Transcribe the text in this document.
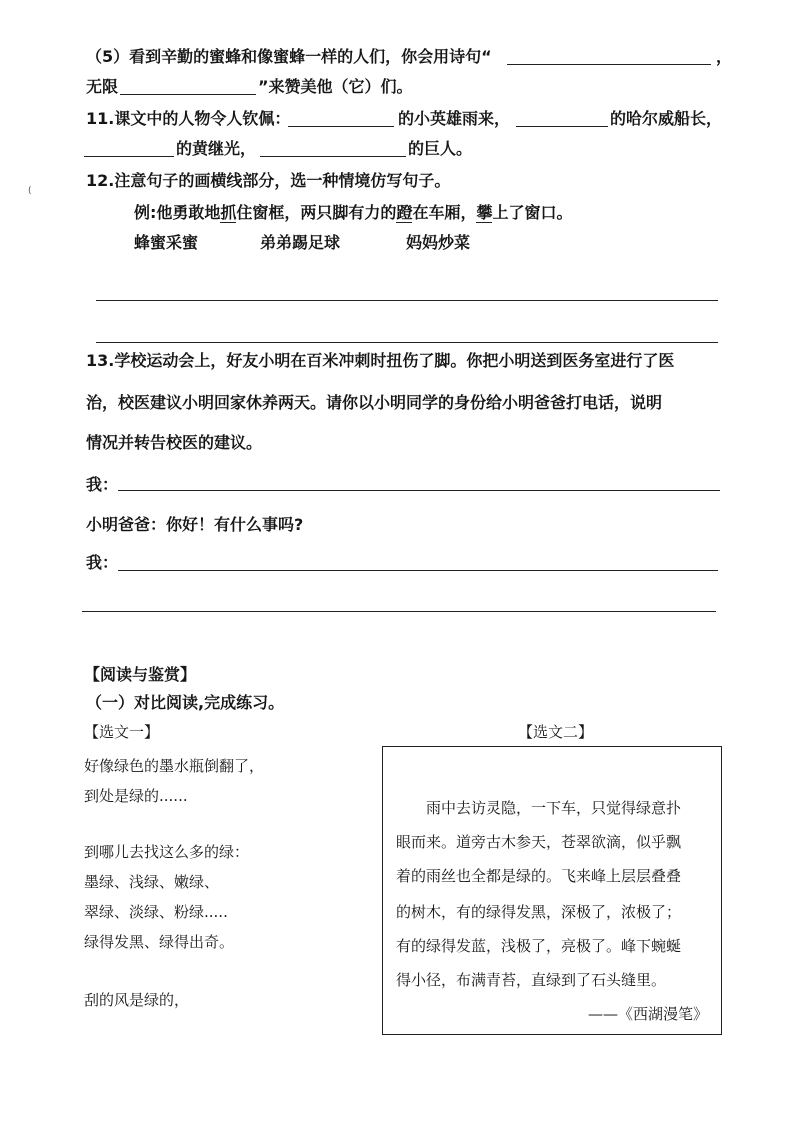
(
（5）看到辛勤的蜜蜂和像蜜蜂一样的人们，你会用诗句“	，
无限	”来赞美他（它）们。
11.课文中的人物令人钦佩：	的小英雄雨来，	的哈尔威船长，
的黄继光，	的巨人。
12.注意句子的画横线部分，选一种情境仿写句子。
例:他勇敢地抓住窗框，两只脚有力的蹬在车厢，攀上了窗口。
蜂蜜采蜜	弟弟踢足球	妈妈炒菜
13.学校运动会上，好友小明在百米冲刺时扭伤了脚。你把小明送到医务室进行了医
治，校医建议小明回家休养两天。请你以小明同学的身份给小明爸爸打电话，说明
情况并转告校医的建议。
我：
小明爸爸：你好！有什么事吗?
我：
【阅读与鉴赏】
（一）对比阅读,完成练习。
【选文一】
好像绿色的墨水瓶倒翻了，
到处是绿的......
到哪儿去找这么多的绿：
墨绿、浅绿、嫩绿、
翠绿、淡绿、粉绿.....
绿得发黑、绿得出奇。
刮的风是绿的，
【选文二】
雨中去访灵隐，一下车，只觉得绿意扑
眼而来。道旁古木参天，苍翠欲滴，似乎飘
着的雨丝也全都是绿的。飞来峰上层层叠叠
的树木，有的绿得发黑，深极了，浓极了；
有的绿得发蓝，浅极了，亮极了。峰下蜿蜒
得小径，布满青苔，直绿到了石头缝里。
——《西湖漫笔》
